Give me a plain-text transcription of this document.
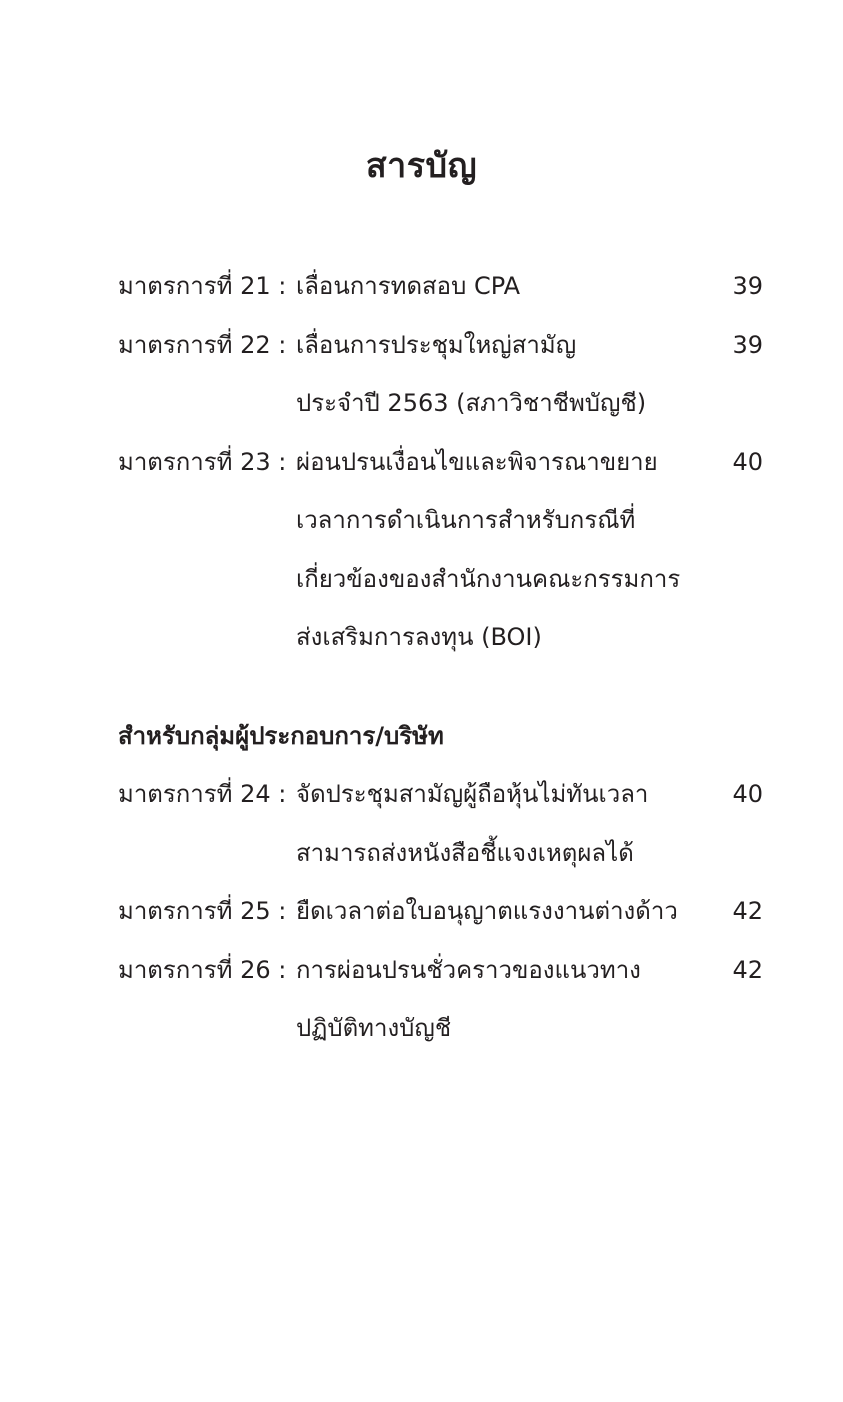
สารบัญ
มาตรการที่ 21 : เลื่อนการทดสอบ CPA	39
มาตรการที่ 22 : เลื่อนการประชุมใหญ่สามัญ
ประจำปี 2563 (สภาวิชาชีพบัญชี)
39
มาตรการที่ 23 : ผ่อนปรนเงื่อนไขและพิจารณาขยาย
เวลาการดำเนินการสำหรับกรณีที่
เกี่ยวข้องของสำนักงานคณะกรรมการ
ส่งเสริมการลงทุน (BOI)
40
สำหรับกลุ่มผู้ประกอบการ/บริษัท
มาตรการที่ 24 : จัดประชุมสามัญผู้ถือหุ้นไม่ทันเวลา
สามารถส่งหนังสือชี้แจงเหตุผลได้
40
มาตรการที่ 25 : ยืดเวลาต่อใบอนุญาตแรงงานต่างด้าว	42
มาตรการที่ 26 : การผ่อนปรนชั่วคราวของแนวทาง
ปฏิบัติทางบัญชี
42
